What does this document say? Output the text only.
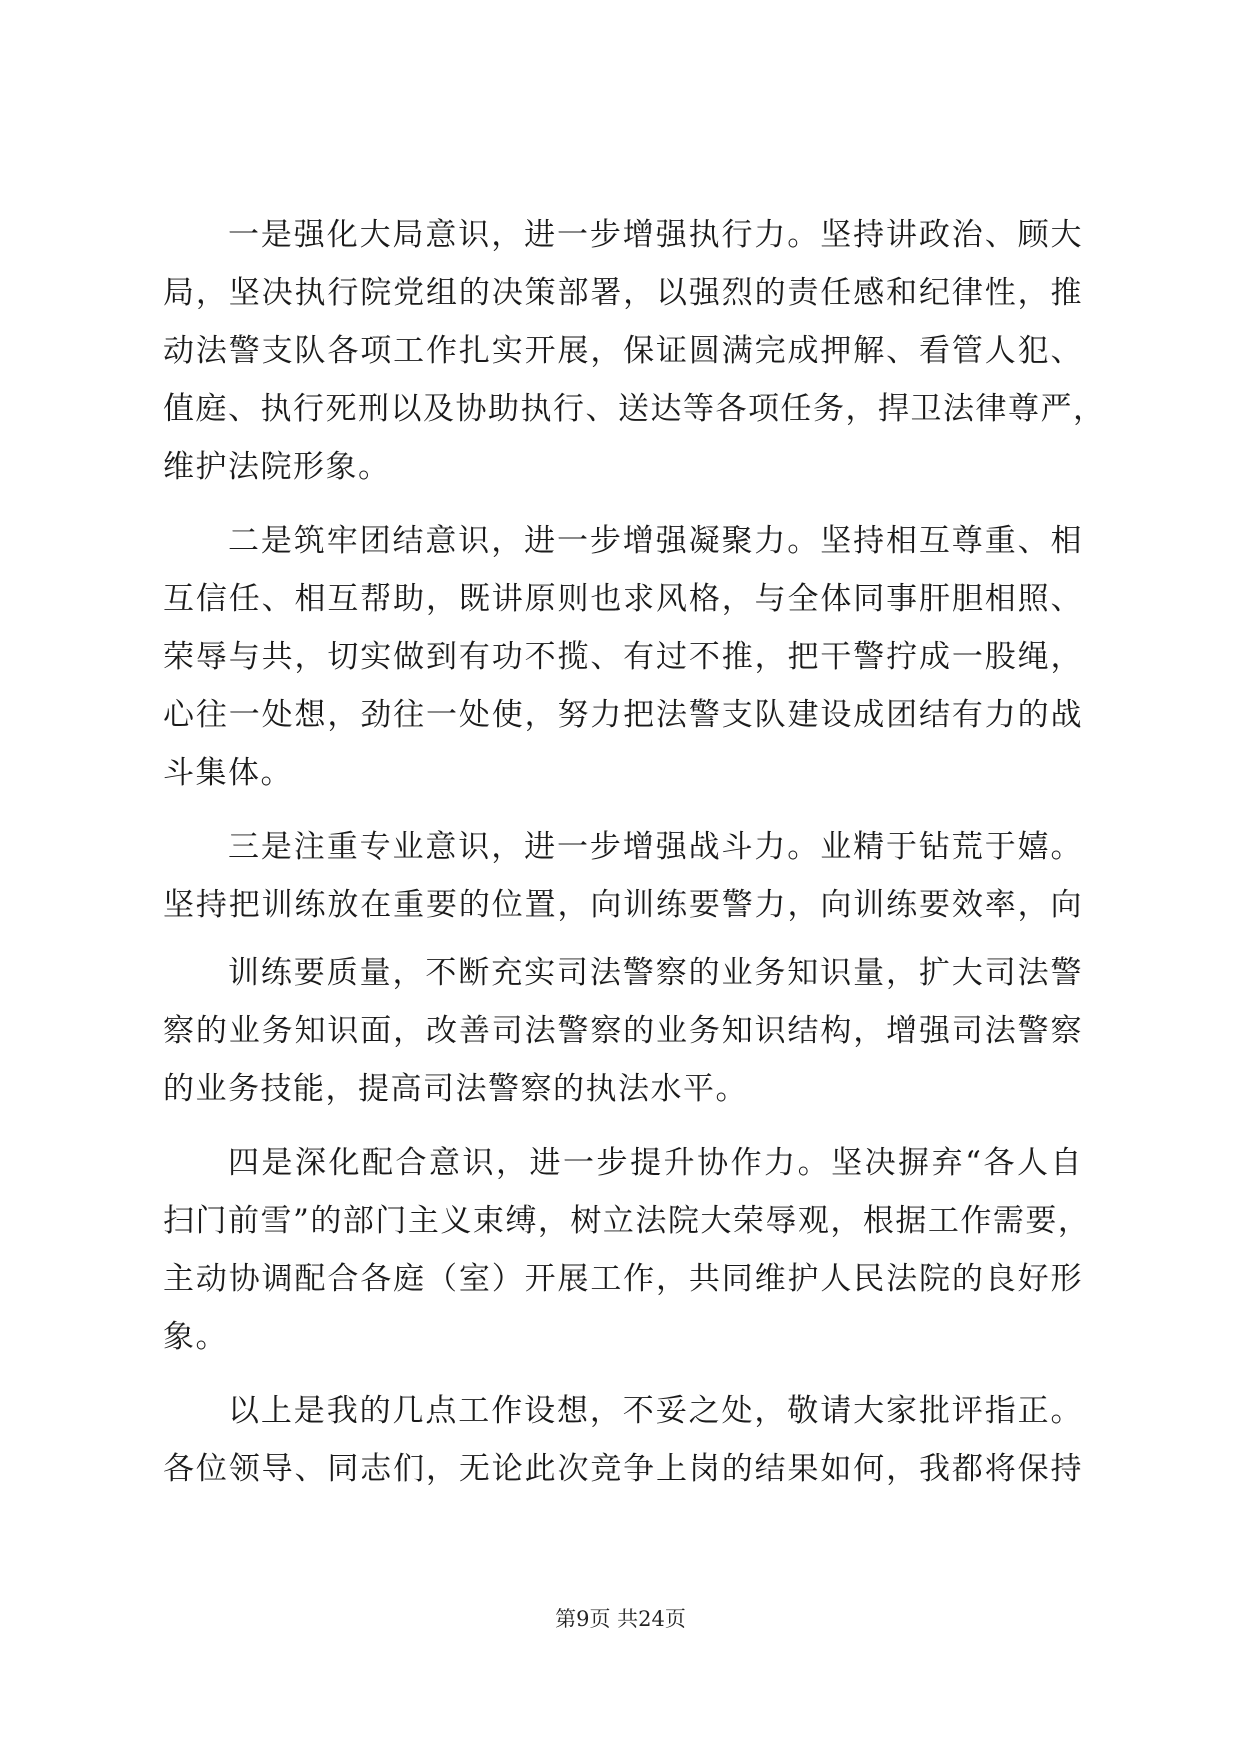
一是强化大局意识，进一步增强执行力。坚持讲政治、顾大
局，坚决执行院党组的决策部署，以强烈的责任感和纪律性，推
动法警支队各项工作扎实开展，保证圆满完成押解、看管人犯、
值庭、执行死刑以及协助执行、送达等各项任务，捍卫法律尊严，
维护法院形象。
二是筑牢团结意识，进一步增强凝聚力。坚持相互尊重、相
互信任、相互帮助，既讲原则也求风格，与全体同事肝胆相照、
荣辱与共，切实做到有功不揽、有过不推，把干警拧成一股绳，
心往一处想，劲往一处使，努力把法警支队建设成团结有力的战
斗集体。
三是注重专业意识，进一步增强战斗力。业精于钻荒于嬉。
坚持把训练放在重要的位置，向训练要警力，向训练要效率，向
训练要质量，不断充实司法警察的业务知识量，扩大司法警
察的业务知识面，改善司法警察的业务知识结构，增强司法警察
的业务技能，提高司法警察的执法水平。
四是深化配合意识，进一步提升协作力。坚决摒弃“各人自
扫门前雪”的部门主义束缚，树立法院大荣辱观，根据工作需要，
主动协调配合各庭（室）开展工作，共同维护人民法院的良好形
象。
以上是我的几点工作设想，不妥之处，敬请大家批评指正。
各位领导、同志们，无论此次竞争上岗的结果如何，我都将保持
第9页 共24页
